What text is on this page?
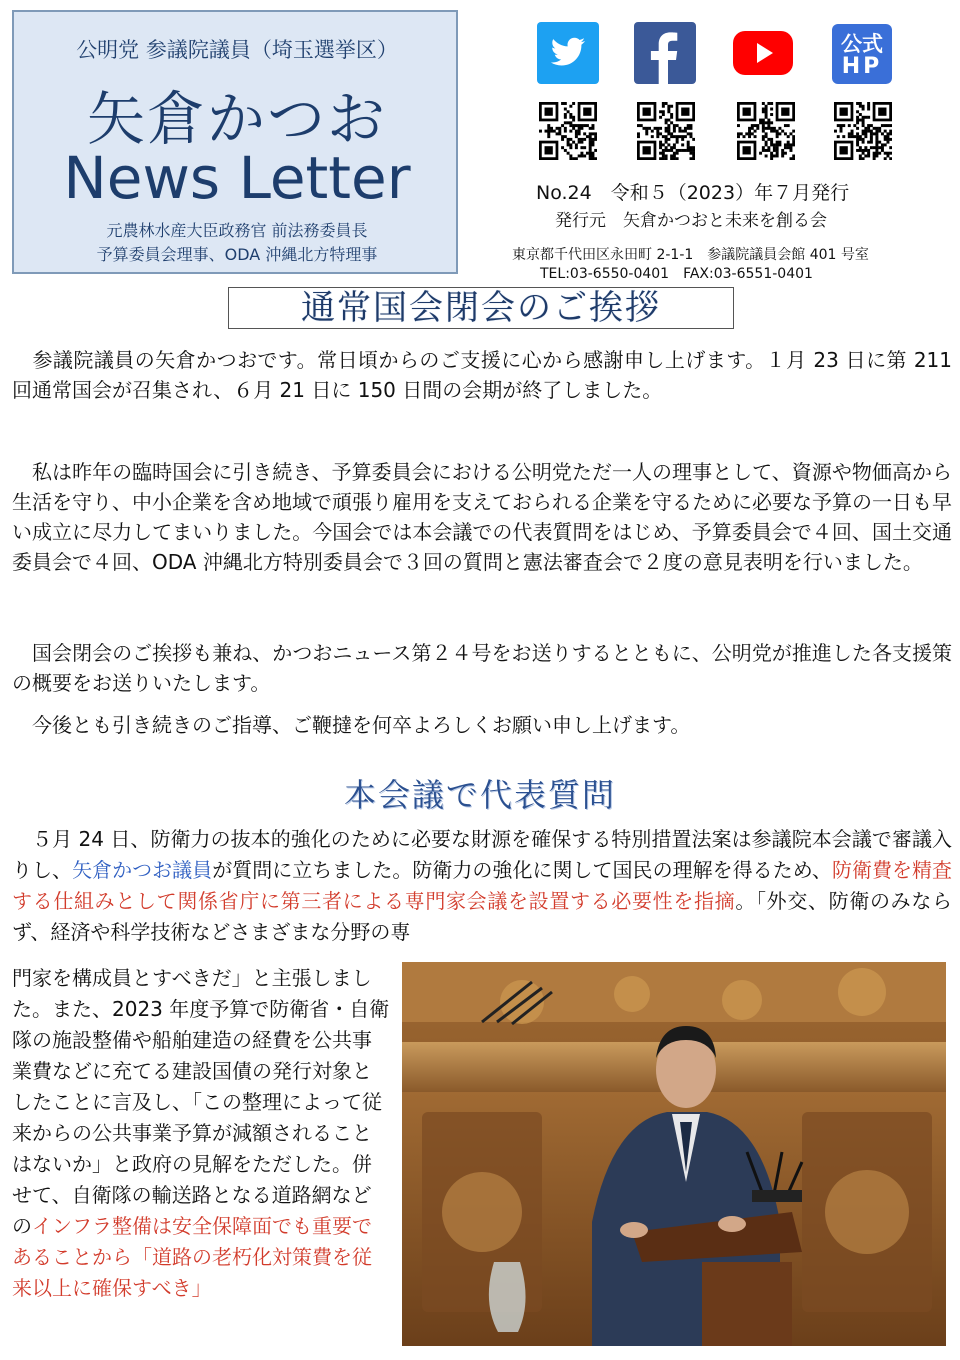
公明党 参議院議員（埼玉選挙区）
矢倉かつお
News Letter
元農林水産大臣政務官 前法務委員長
予算委員会理事、ODA 沖縄北方特理事
公式
HP
No.24　令和５（2023）年７月発行
発行元　矢倉かつおと未来を創る会
東京都千代田区永田町 2-1-1　参議院議員会館 401 号室
TEL:03-6550-0401　FAX:03-6551-0401
通常国会閉会のご挨拶
　参議院議員の矢倉かつおです。常日頃からのご支援に心から感謝申し上げます。１月 23 日に第 211 回通常国会が召集され、６月 21 日に 150 日間の会期が終了しました。
　私は昨年の臨時国会に引き続き、予算委員会における公明党ただ一人の理事として、資源や物価高から生活を守り、中小企業を含め地域で頑張り雇用を支えておられる企業を守るために必要な予算の一日も早い成立に尽力してまいりました。今国会では本会議での代表質問をはじめ、予算委員会で４回、国土交通委員会で４回、ODA 沖縄北方特別委員会で３回の質問と憲法審査会で２度の意見表明を行いました。
　国会閉会のご挨拶も兼ね、かつおニュース第２４号をお送りするとともに、公明党が推進した各支援策の概要をお送りいたします。
　今後とも引き続きのご指導、ご鞭撻を何卒よろしくお願い申し上げます。
本会議で代表質問
　５月 24 日、防衛力の抜本的強化のために必要な財源を確保する特別措置法案は参議院本会議で審議入りし、矢倉かつお議員が質問に立ちました。防衛力の強化に関して国民の理解を得るため、防衛費を精査する仕組みとして関係省庁に第三者による専門家会議を設置する必要性を指摘。「外交、防衛のみならず、経済や科学技術などさまざまな分野の専
門家を構成員とすべきだ」と主張しました。また、2023 年度予算で防衛省・自衛隊の施設整備や船舶建造の経費を公共事業費などに充てる建設国債の発行対象としたことに言及し、「この整理によって従来からの公共事業予算が減額されることはないか」と政府の見解をただした。併せて、自衛隊の輸送路となる道路網などのインフラ整備は安全保障面でも重要であることから「道路の老朽化対策費を従来以上に確保すべき」
